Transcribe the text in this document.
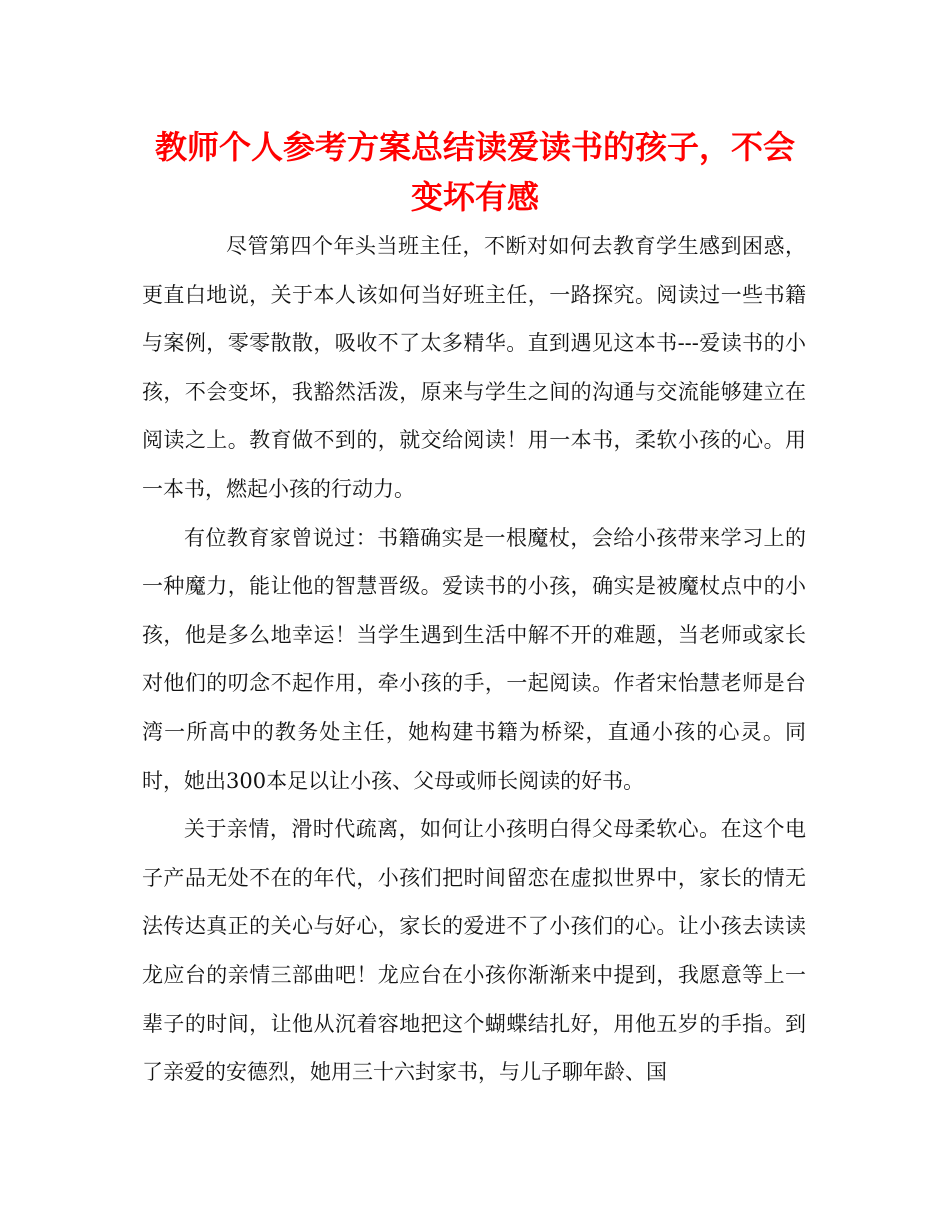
教师个人参考方案总结读爱读书的孩子，不会变坏有感

尽管第四个年头当班主任，不断对如何去教育学生感到困惑，更直白地说，关于本人该如何当好班主任，一路探究。阅读过一些书籍与案例，零零散散，吸收不了太多精华。直到遇见这本书---爱读书的小孩，不会变坏，我豁然活泼，原来与学生之间的沟通与交流能够建立在阅读之上。教育做不到的，就交给阅读！用一本书，柔软小孩的心。用一本书，燃起小孩的行动力。

有位教育家曾说过：书籍确实是一根魔杖，会给小孩带来学习上的一种魔力，能让他的智慧晋级。爱读书的小孩，确实是被魔杖点中的小孩，他是多么地幸运！当学生遇到生活中解不开的难题，当老师或家长对他们的叨念不起作用，牵小孩的手，一起阅读。作者宋怡慧老师是台湾一所高中的教务处主任，她构建书籍为桥梁，直通小孩的心灵。同时，她出300本足以让小孩、父母或师长阅读的好书。

关于亲情，滑时代疏离，如何让小孩明白得父母柔软心。在这个电子产品无处不在的年代，小孩们把时间留恋在虚拟世界中，家长的情无法传达真正的关心与好心，家长的爱进不了小孩们的心。让小孩去读读龙应台的亲情三部曲吧！龙应台在小孩你渐渐来中提到，我愿意等上一辈子的时间，让他从沉着容地把这个蝴蝶结扎好，用他五岁的手指。到了亲爱的安德烈，她用三十六封家书，与儿子聊年龄、国
